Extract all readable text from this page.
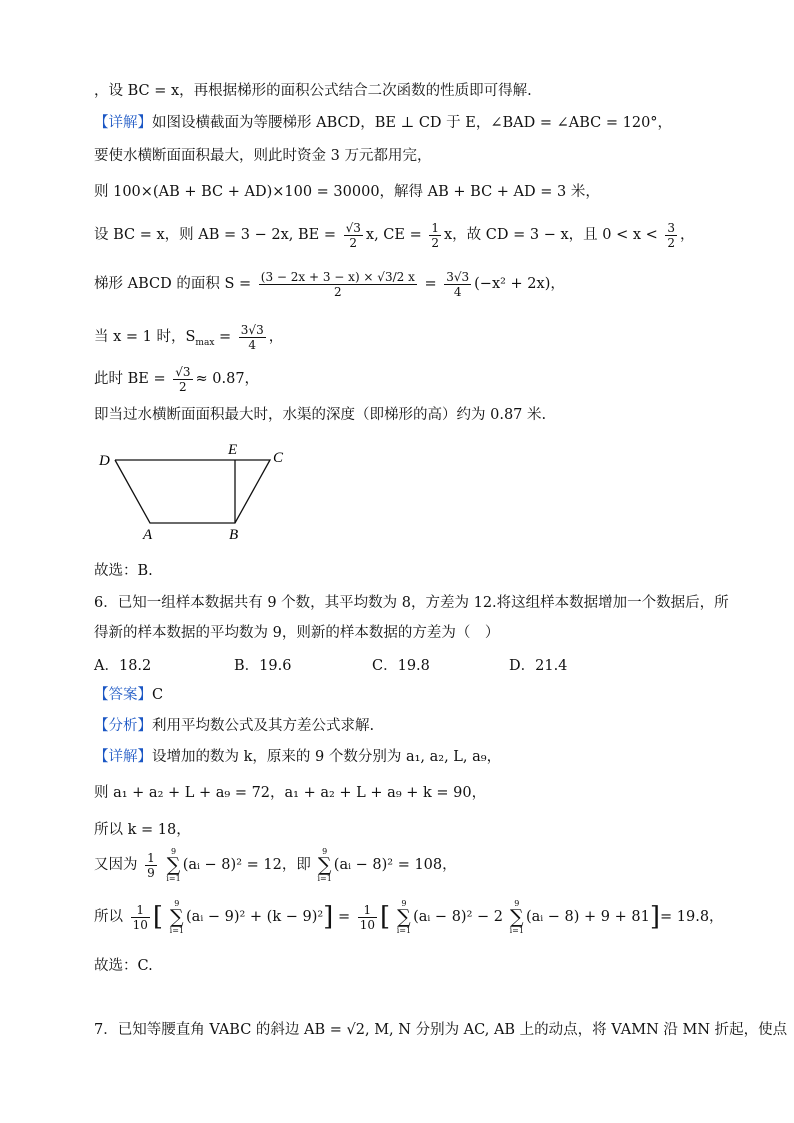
，设 BC = x，再根据梯形的面积公式结合二次函数的性质即可得解.
【详解】如图设横截面为等腰梯形 ABCD，BE ⊥ CD 于 E，∠BAD = ∠ABC = 120°，
要使水横断面面积最大，则此时资金 3 万元都用完，
则 100×(AB + BC + AD)×100 = 30000，解得 AB + BC + AD = 3 米，
设 BC = x，则 AB = 3 − 2x, BE = $\frac{√3}{2} x$, CE = $\frac{1}{2}$ x，故 CD = 3 − x，且 $0 < x < \frac{3}{2}$ ，
梯形 ABCD 的面积 $S = \frac{(3 - 2x + 3 - x) \times √3/2 x}{2} = \frac{3√3}{4} (-x^2 + 2x)$，
当 x = 1 时，$S_{max} = \frac{3√3}{4}$ ，
此时 BE = $\frac{√3}{2} \approx 0.87$，
即当过水横断面面积最大时，水渠的深度（即梯形的高）约为 0.87 米.
D
E C
A	B
故选：B.
6．已知一组样本数据共有 9 个数，其平均数为 8，方差为 12.将这组样本数据增加一个数据后，所
得新的样本数据的平均数为 9，则新的样本数据的方差为（　）
A．18.2	B．19.6	C．19.8	D．21.4
【答案】C
【分析】利用平均数公式及其方差公式求解.
【详解】设增加的数为 k，原来的 9 个数分别为 a₁, a₂, L, a₉，
则 a₁ + a₂ + L + a₉ = 72，a₁ + a₂ + L + a₉ + k = 90，
所以 k = 18，
又因为 $\frac{1}{9}$
	9
∑
i=1
(aᵢ − 8)² = 12，即
9
∑
i=1
(aᵢ − 8)² = 108，
所以 $\frac{1}{10}$ [	9
∑
i=1
(aᵢ − $9)^2 + (k - 9)^2] = \frac{1}{10}$ [	9
∑
i=1
(aᵢ − 8)² − 2
9
∑
i=1
(aᵢ − 8) + 9 + 81]= 19.8，
故选：C.
7．已知等腰直角 VABC 的斜边 AB = √2, M, N 分别为 AC, AB 上的动点，将 VAMN 沿 MN 折起，使点
